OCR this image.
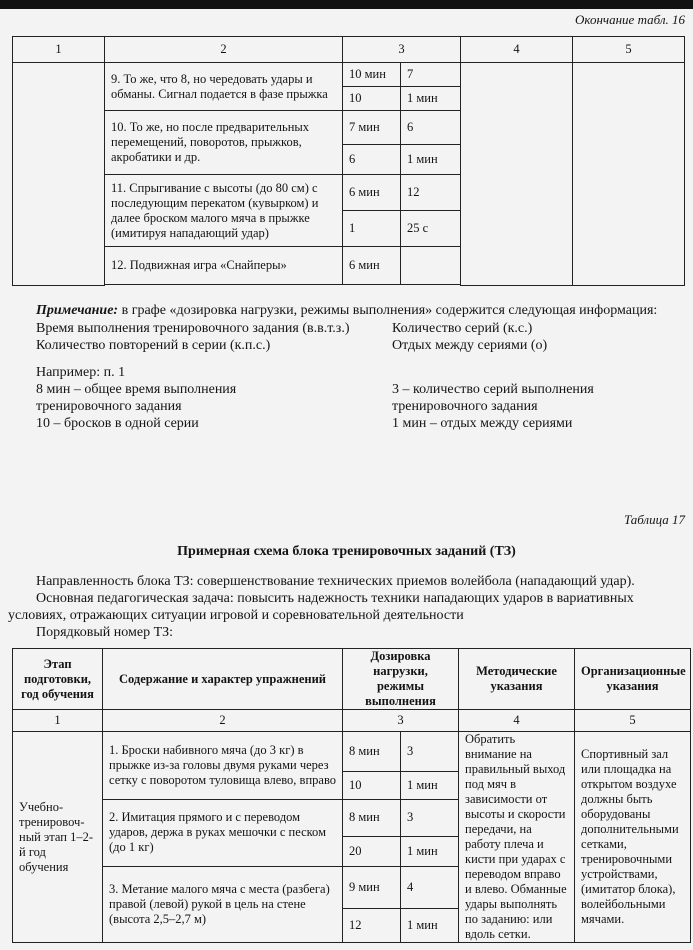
Окончание табл. 16
1	2	3		4	5
	9. То же, что 8, но чередовать удары и обманы. Сигнал подается в фазе прыжка	10 мин	7		
		10	1 мин		
	10. То же, но после предварительных перемещений, поворотов, прыжков, акробатики и др.	7 мин	6		
		6	1 мин		
	11. Спрыгивание с высоты (до 80 см) с последующим перекатом (кувырком) и далее броском малого мяча в прыжке (имитируя нападающий удар)	6 мин	12		
		1	25 с		
	12. Подвижная игра «Снайперы»	6 мин			

Примечание: в графе «дозировка нагрузки, режимы выполнения» содержится следующая информация:
Время выполнения тренировочного задания (в.в.т.з.)	Количество серий (к.с.)
Количество повторений в серии (к.п.с.)	Отдых между сериями (о)
Например: п. 1
8 мин – общее время выполнения тренировочного задания
3 – количество серий выполнения тренировочного задания
10 – бросков в одной серии	1 мин – отдых между сериями
Таблица 17
Примерная схема блока тренировочных заданий (ТЗ)
Направленность блока ТЗ: совершенствование технических приемов волейбола (нападающий удар).
Основная педагогическая задача: повысить надежность техники нападающих ударов в вариативных условиях, отражающих ситуации игровой и соревновательной деятельности
Порядковый номер ТЗ:
Этап подготовки, год обучения	Содержание и характер упражнений	Дозировка нагрузки, режимы выполнения		Методические указания	Организационные указания
1	2	3		4	5
Учебно-тренировоч-ный этап 1–2-й год обучения	1. Броски набивного мяча (до 3 кг) в прыжке из-за головы двумя руками через сетку с поворотом туловища влево, вправо	8 мин	3	Обратить внимание на правильный выход под мяч в зависимости от высоты и скорости передачи, на работу плеча и кисти при ударах с переводом вправо и влево. Обманные удары выполнять по заданию: или вдоль сетки.	Спортивный зал или площадка на открытом воздухе должны быть оборудованы дополнительными сетками, тренировочными устройствами, (имитатор блока), волейбольными мячами.
		10	1 мин		
	2. Имитация прямого и с переводом ударов, держа в руках мешочки с песком (до 1 кг)	8 мин	3		
		20	1 мин		
	3. Метание малого мяча с места (разбега) правой (левой) рукой в цель на стене (высота 2,5–2,7 м)	9 мин	4		
		12	1 мин		
